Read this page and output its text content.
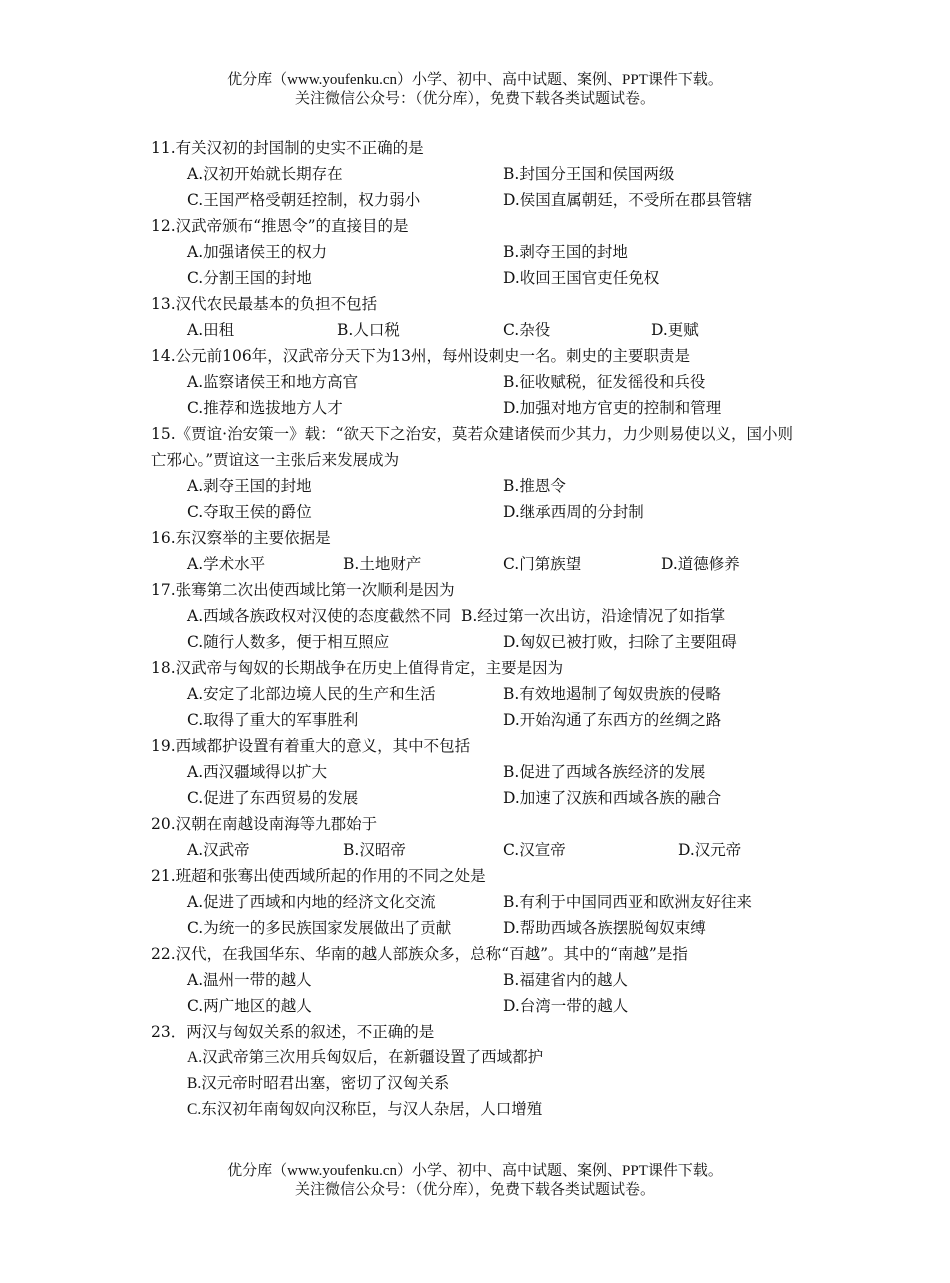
优分库（www.youfenku.cn）小学、初中、高中试题、案例、PPT课件下载。
关注微信公众号：（优分库），免费下载各类试题试卷。
11.有关汉初的封国制的史实不正确的是
A.汉初开始就长期存在	B.封国分王国和侯国两级
C.王国严格受朝廷控制，权力弱小	D.侯国直属朝廷，不受所在郡县管辖
12.汉武帝颁布“推恩令”的直接目的是
A.加强诸侯王的权力	B.剥夺王国的封地
C.分割王国的封地	D.收回王国官吏任免权
13.汉代农民最基本的负担不包括
A.田租	B.人口税	C.杂役	D.更赋
14.公元前106年，汉武帝分天下为13州，每州设刺史一名。刺史的主要职责是
A.监察诸侯王和地方高官	B.征收赋税，征发徭役和兵役
C.推荐和选拔地方人才	D.加强对地方官吏的控制和管理
15.《贾谊·治安策一》载：“欲天下之治安，莫若众建诸侯而少其力，力少则易使以义，国小则亡邪心。”贾谊这一主张后来发展成为
A.剥夺王国的封地	B.推恩令
C.夺取王侯的爵位	D.继承西周的分封制
16.东汉察举的主要依据是
A.学术水平	B.土地财产	C.门第族望	D.道德修养
17.张骞第二次出使西域比第一次顺利是因为
A.西域各族政权对汉使的态度截然不同 B.经过第一次出访，沿途情况了如指掌
C.随行人数多，便于相互照应	D.匈奴已被打败，扫除了主要阻碍
18.汉武帝与匈奴的长期战争在历史上值得肯定，主要是因为
A.安定了北部边境人民的生产和生活	B.有效地遏制了匈奴贵族的侵略
C.取得了重大的军事胜利	D.开始沟通了东西方的丝绸之路
19.西域都护设置有着重大的意义，其中不包括
A.西汉疆域得以扩大	B.促进了西域各族经济的发展
C.促进了东西贸易的发展	D.加速了汉族和西域各族的融合
20.汉朝在南越设南海等九郡始于
A.汉武帝	B.汉昭帝	C.汉宣帝	D.汉元帝
21.班超和张骞出使西域所起的作用的不同之处是
A.促进了西域和内地的经济文化交流	B.有利于中国同西亚和欧洲友好往来
C.为统一的多民族国家发展做出了贡献	D.帮助西域各族摆脱匈奴束缚
22.汉代，在我国华东、华南的越人部族众多，总称“百越”。其中的“南越”是指
A.温州一带的越人	B.福建省内的越人
C.两广地区的越人	D.台湾一带的越人
23．两汉与匈奴关系的叙述，不正确的是
A.汉武帝第三次用兵匈奴后，在新疆设置了西域都护
B.汉元帝时昭君出塞，密切了汉匈关系
C.东汉初年南匈奴向汉称臣，与汉人杂居，人口增殖
优分库（www.youfenku.cn）小学、初中、高中试题、案例、PPT课件下载。
关注微信公众号：（优分库），免费下载各类试题试卷。
